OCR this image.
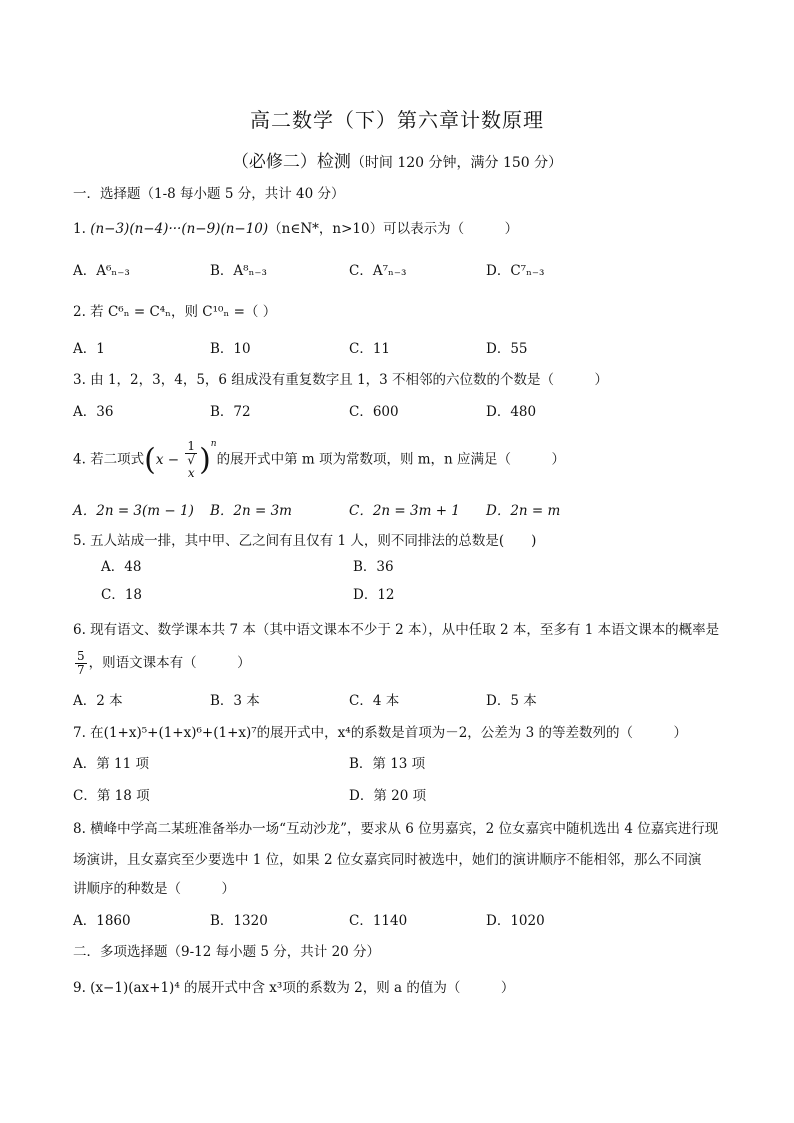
高二数学（下）第六章计数原理
（必修二）检测（时间 120 分钟，满分 150 分）
一．选择题（1-8 每小题 5 分，共计 40 分）
1. (n−3)(n−4)···(n−9)(n−10)（n∈N*，n>10）可以表示为（　　　）
A．A⁶ₙ₋₃	B．A⁸ₙ₋₃	C．A⁷ₙ₋₃	D．C⁷ₙ₋₃
2. 若 C⁶ₙ = C⁴ₙ，则 C¹⁰ₙ =（ ）
A．1	B．10	C．11	D．55
3. 由 1，2，3，4，5，6 组成没有重复数字且 1，3 不相邻的六位数的个数是（　　　）
A．36	B．72	C．600	D．480
4. 若二项式(x − 1
√
x )$^n$的展开式中第 m 项为常数项，则 m，n 应满足（　　　）
A．2n = 3(m − 1) B．2n = 3m	C．2n = 3m + 1 D．2n = m
5. 五人站成一排，其中甲、乙之间有且仅有 1 人，则不同排法的总数是(　　)
A．48	B．36
C．18	D．12
6. 现有语文、数学课本共 7 本（其中语文课本不少于 2 本），从中任取 2 本，至多有 1 本语文课本的概率是
$\frac{5}{7}$ ，则语文课本有（　　　）
A．2 本	B．3 本	C．4 本	D．5 本
7. 在(1+x)⁵+(1+x)⁶+(1+x)⁷的展开式中，x⁴的系数是首项为－2，公差为 3 的等差数列的（　　　）
A．第 11 项	B．第 13 项
C．第 18 项	D．第 20 项
8. 横峰中学高二某班准备举办一场“互动沙龙”，要求从 6 位男嘉宾，2 位女嘉宾中随机选出 4 位嘉宾进行现
场演讲，且女嘉宾至少要选中 1 位，如果 2 位女嘉宾同时被选中，她们的演讲顺序不能相邻，那么不同演
讲顺序的种数是（　　　）
A．1860	B．1320	C．1140	D．1020
二．多项选择题（9-12 每小题 5 分，共计 20 分）
9. (x−1)(ax+1)⁴ 的展开式中含 x³项的系数为 2，则 a 的值为（　　　）
